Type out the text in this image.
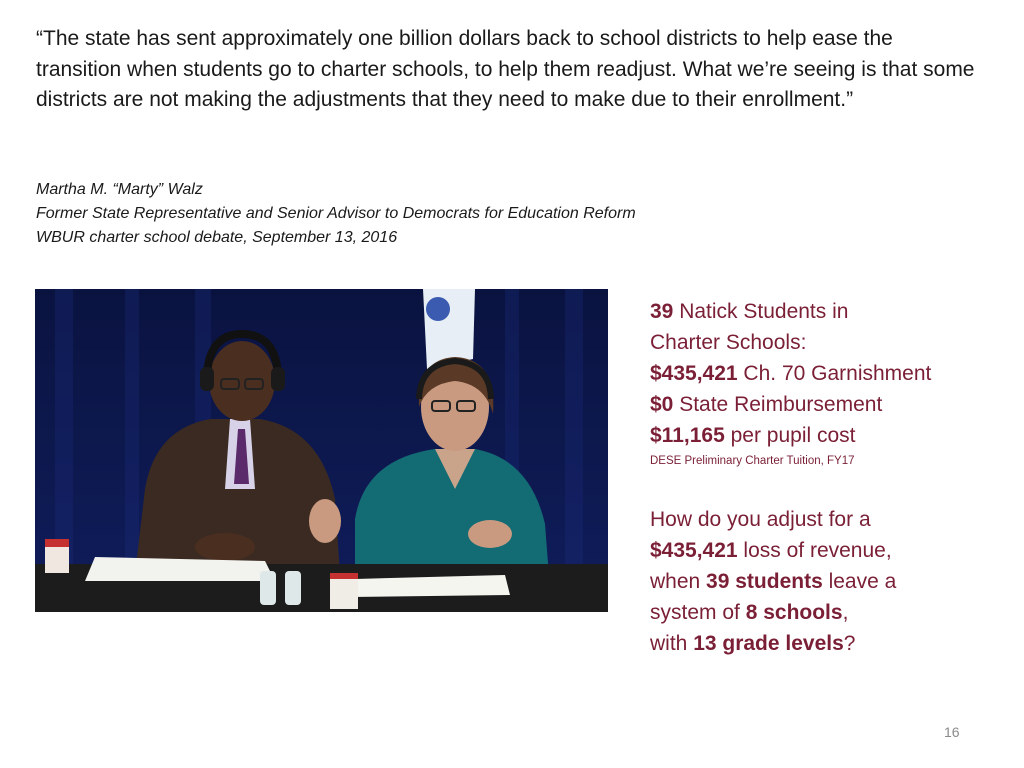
“The state has sent approximately one billion dollars back to school districts to help ease the transition when students go to charter schools, to help them readjust. What we’re seeing is that some districts are not making the adjustments that they need to make due to their enrollment.”
Martha M. “Marty” Walz
Former State Representative and Senior Advisor to Democrats for Education Reform
WBUR charter school debate, September 13, 2016
39 Natick Students in
Charter Schools:
$435,421 Ch. 70 Garnishment
$0 State Reimbursement
$11,165 per pupil cost
DESE Preliminary Charter Tuition, FY17
How do you adjust for a
$435,421 loss of revenue,
when 39 students leave a
system of 8 schools,
with 13 grade levels?
16
